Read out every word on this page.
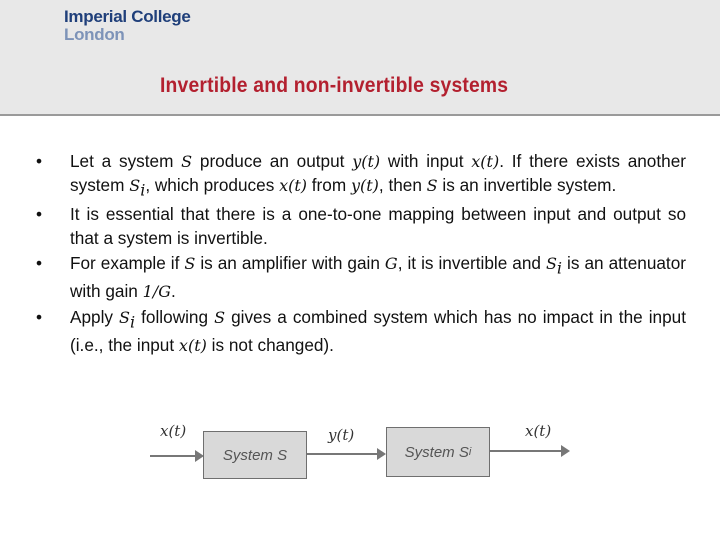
Imperial College
London
Invertible and non-invertible systems
• Let a system S produce an output y(t) with input x(t). If there exists another system $S_i$, which produces x(t) from y(t), then S is an invertible system.
• It is essential that there is a one-to-one mapping between input and output so that a system is invertible.
• For example if S is an amplifier with gain G, it is invertible and $S_i$ is an attenuator with gain 1/G.
• Apply $S_i$ following S gives a combined system which has no impact in the input (i.e., the input x(t) is not changed).
x(t)
System S
y(t)
System S i
x(t)
